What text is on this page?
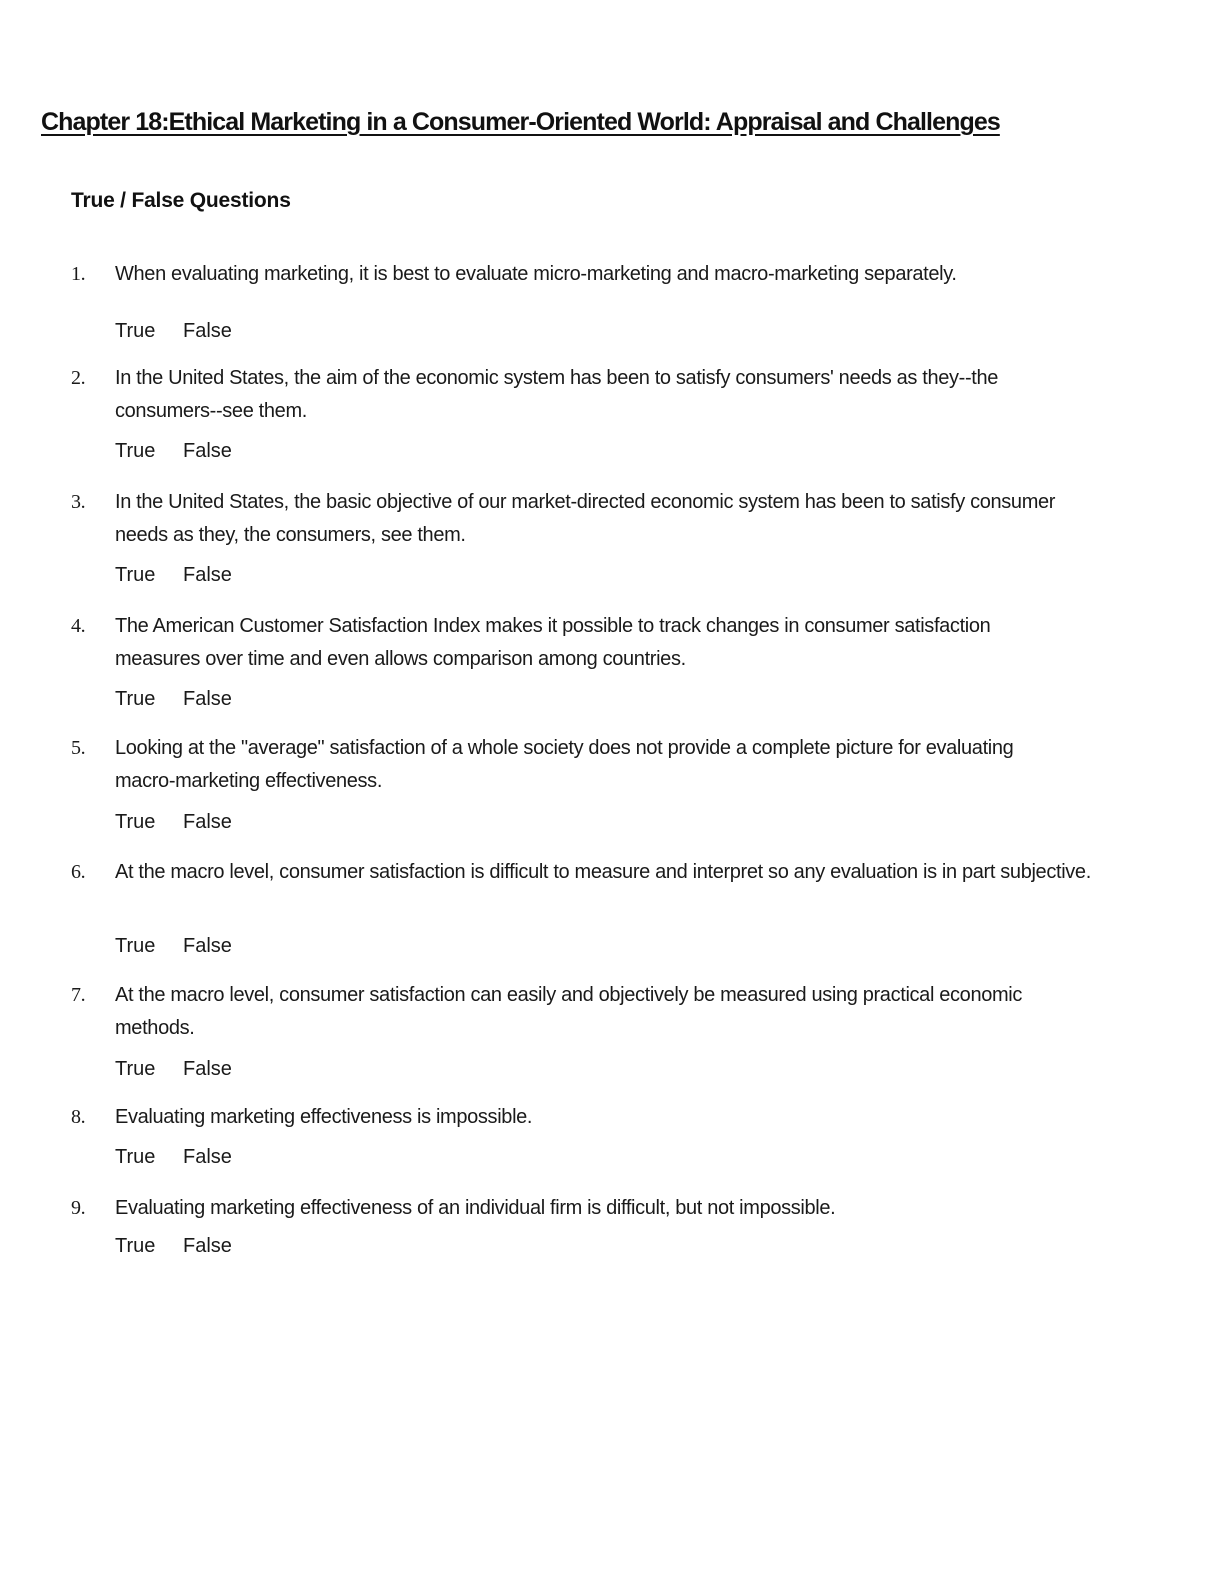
Chapter 18:Ethical Marketing in a Consumer-Oriented World: Appraisal and Challenges
True / False Questions
1. When evaluating marketing, it is best to evaluate micro-marketing and macro-marketing separately.
True False
2. In the United States, the aim of the economic system has been to satisfy consumers' needs as they--the consumers--see them.
True False
3. In the United States, the basic objective of our market-directed economic system has been to satisfy consumer needs as they, the consumers, see them.
True False
4. The American Customer Satisfaction Index makes it possible to track changes in consumer satisfaction measures over time and even allows comparison among countries.
True False
5. Looking at the "average" satisfaction of a whole society does not provide a complete picture for evaluating macro-marketing effectiveness.
True False
6. At the macro level, consumer satisfaction is difficult to measure and interpret so any evaluation is in part subjective.
True False
7. At the macro level, consumer satisfaction can easily and objectively be measured using practical economic methods.
True False
8. Evaluating marketing effectiveness is impossible.
True False
9. Evaluating marketing effectiveness of an individual firm is difficult, but not impossible.
True False
